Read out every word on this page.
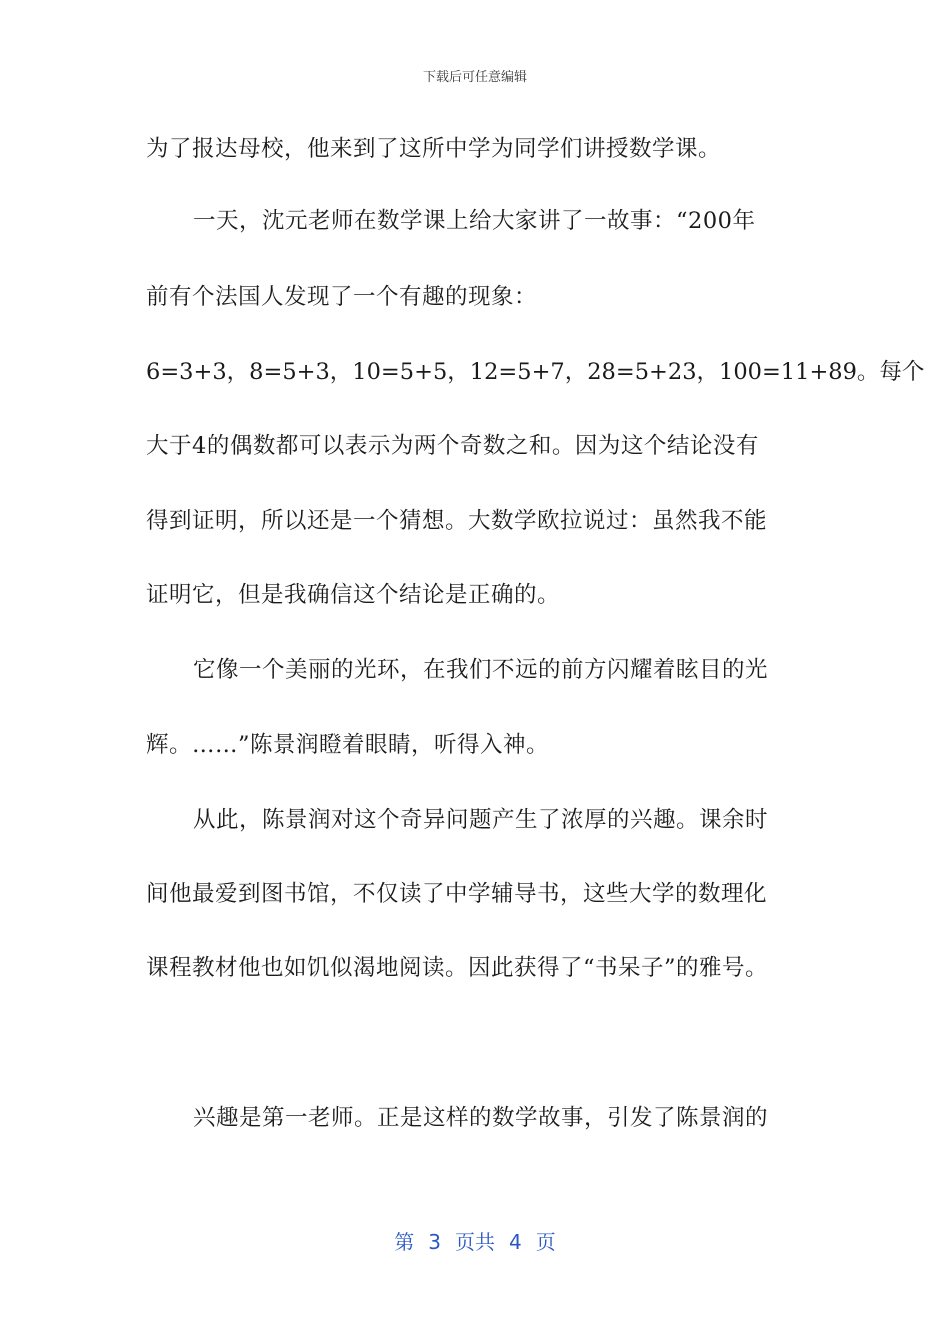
下载后可任意编辑
为了报达母校，他来到了这所中学为同学们讲授数学课。
一天，沈元老师在数学课上给大家讲了一故事：“200年
前有个法国人发现了一个有趣的现象：
6=3+3，8=5+3，10=5+5，12=5+7，28=5+23，100=11+89。每个
大于4的偶数都可以表示为两个奇数之和。因为这个结论没有
得到证明，所以还是一个猜想。大数学欧拉说过：虽然我不能
证明它，但是我确信这个结论是正确的。
它像一个美丽的光环，在我们不远的前方闪耀着眩目的光
辉。……”陈景润瞪着眼睛，听得入神。
从此，陈景润对这个奇异问题产生了浓厚的兴趣。课余时
间他最爱到图书馆，不仅读了中学辅导书，这些大学的数理化
课程教材他也如饥似渴地阅读。因此获得了“书呆子”的雅号。
兴趣是第一老师。正是这样的数学故事，引发了陈景润的
第 3 页共 4 页
